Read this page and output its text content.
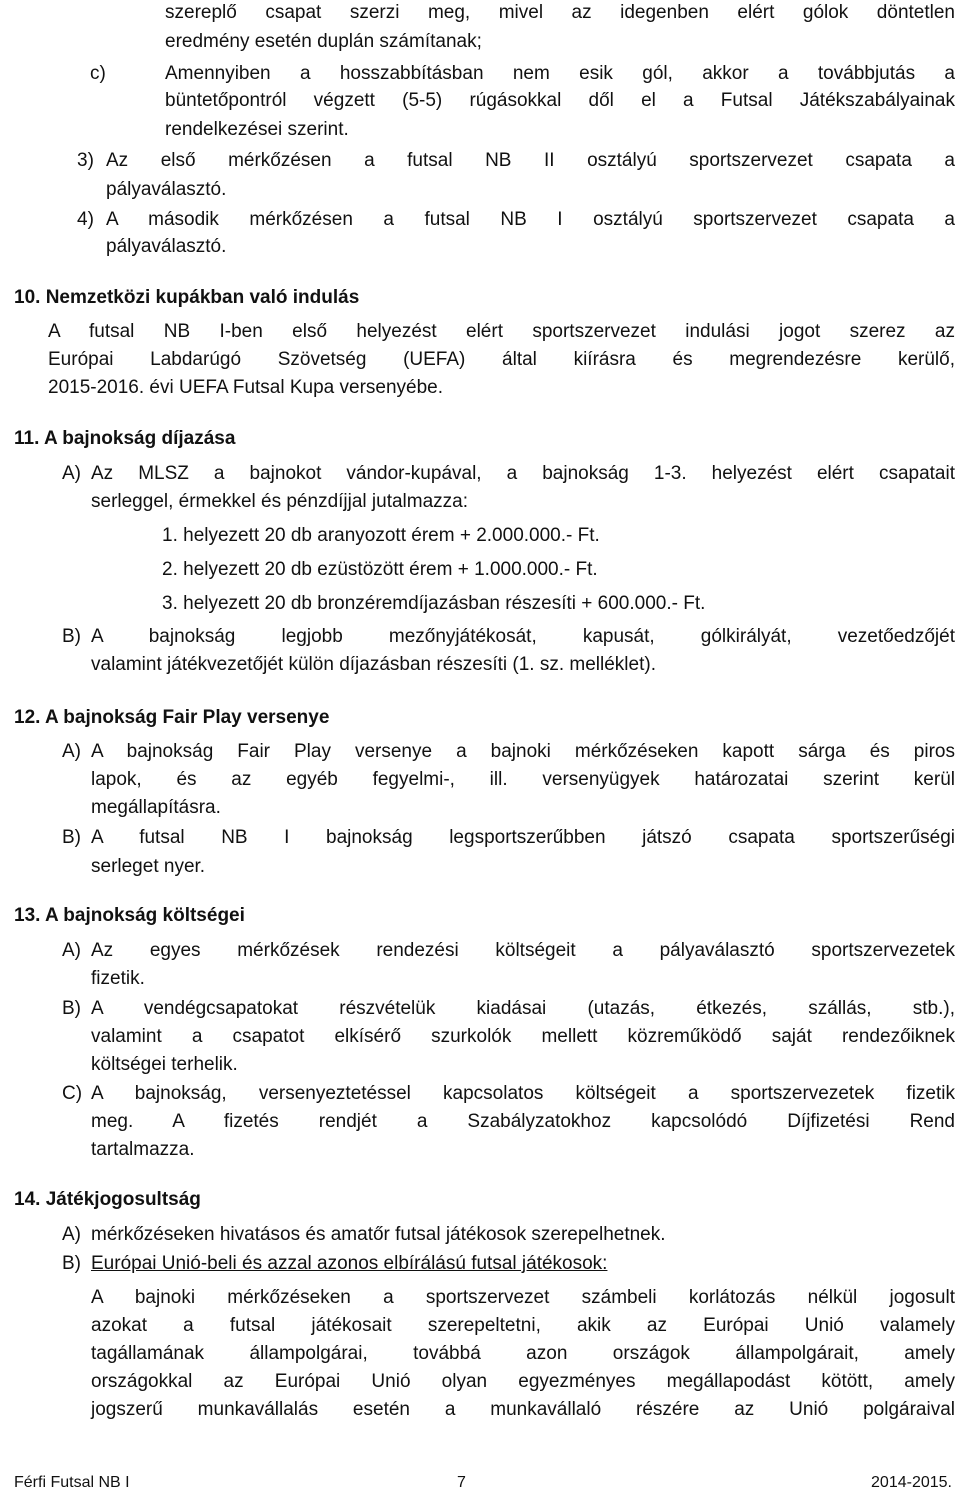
szereplő csapat szerzi meg, mivel az idegenben elért gólok döntetlen
eredmény esetén duplán számítanak;
c)	Amennyiben a hosszabbításban nem esik gól, akkor a továbbjutás a
büntetőpontról végzett (5-5) rúgásokkal dől el a Futsal Játékszabályainak
rendelkezései szerint.
3) Az első mérkőzésen a futsal NB II osztályú sportszervezet csapata a
pályaválasztó.
4) A második mérkőzésen a futsal NB I osztályú sportszervezet csapata a
pályaválasztó.
10. Nemzetközi kupákban való indulás
A futsal NB I-ben első helyezést elért sportszervezet indulási jogot szerez az
Európai Labdarúgó Szövetség (UEFA) által kiírásra és megrendezésre kerülő,
2015-2016. évi UEFA Futsal Kupa versenyébe.
11. A bajnokság díjazása
A) Az MLSZ a bajnokot vándor-kupával, a bajnokság 1-3. helyezést elért csapatait
serleggel, érmekkel és pénzdíjjal jutalmazza:
1. helyezett 20 db aranyozott érem + 2.000.000.- Ft.
2. helyezett 20 db ezüstözött érem + 1.000.000.- Ft.
3. helyezett 20 db bronzéremdíjazásban részesíti + 600.000.- Ft.
B) A bajnokság legjobb mezőnyjátékosát, kapusát, gólkirályát, vezetőedzőjét
valamint játékvezetőjét külön díjazásban részesíti (1. sz. melléklet).
12. A bajnokság Fair Play versenye
A) A bajnokság Fair Play versenye a bajnoki mérkőzéseken kapott sárga és piros
lapok, és az egyéb fegyelmi-, ill. versenyügyek határozatai szerint kerül
megállapításra.
B) A futsal NB I bajnokság legsportszerűbben játszó csapata sportszerűségi
serleget nyer.
13. A bajnokság költségei
A) Az egyes mérkőzések rendezési költségeit a pályaválasztó sportszervezetek
fizetik.
B) A vendégcsapatokat részvételük kiadásai (utazás, étkezés, szállás, stb.),
valamint a csapatot elkísérő szurkolók mellett közreműködő saját rendezőiknek
költségei terhelik.
C) A bajnokság, versenyeztetéssel kapcsolatos költségeit a sportszervezetek fizetik
meg. A fizetés rendjét a Szabályzatokhoz kapcsolódó Díjfizetési Rend
tartalmazza.
14. Játékjogosultság
A) mérkőzéseken hivatásos és amatőr futsal játékosok szerepelhetnek.
B) Európai Unió-beli és azzal azonos elbírálású futsal játékosok:
A bajnoki mérkőzéseken a sportszervezet számbeli korlátozás nélkül jogosult
azokat a futsal játékosait szerepeltetni, akik az Európai Unió valamely
tagállamának állampolgárai, továbbá azon országok állampolgárait, amely
országokkal az Európai Unió olyan egyezményes megállapodást kötött, amely
jogszerű munkavállalás esetén a munkavállaló részére az Unió polgáraival
Férfi Futsal NB I	7	2014-2015.
